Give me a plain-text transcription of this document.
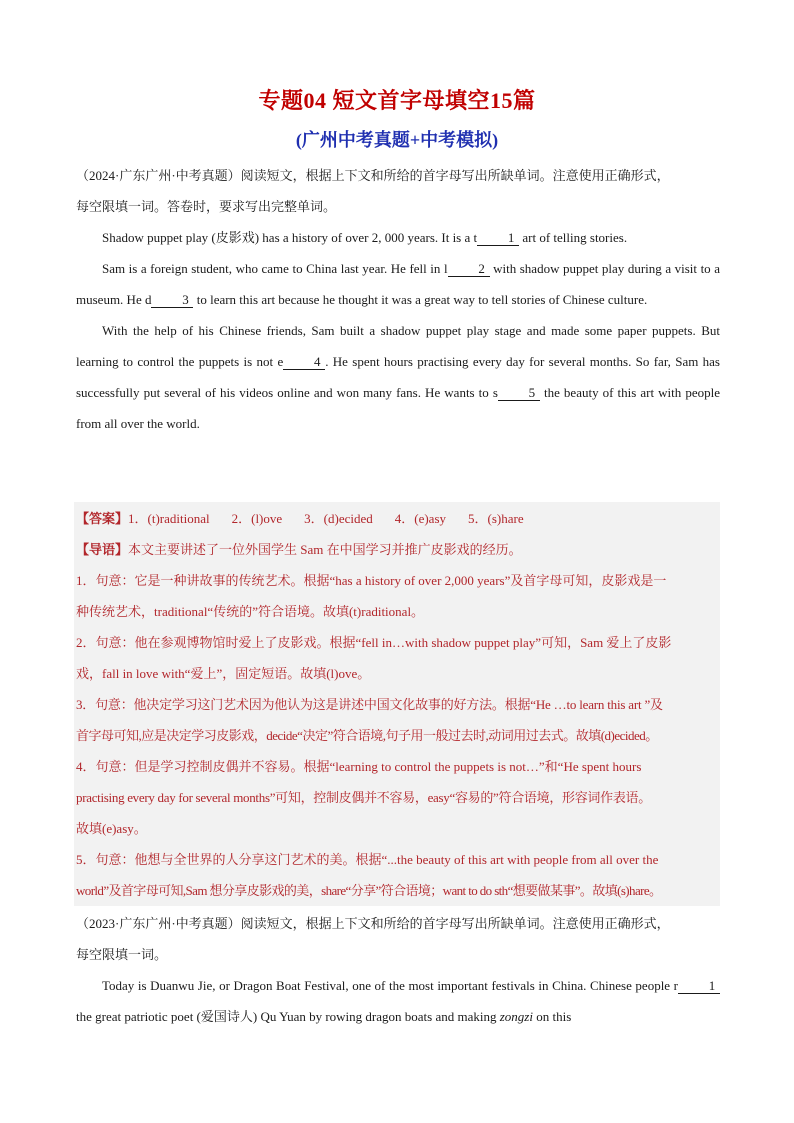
专题04 短文首字母填空15篇
(广州中考真题+中考模拟)
（2024·广东广州·中考真题）阅读短文，根据上下文和所给的首字母写出所缺单词。注意使用正确形式，
每空限填一词。答卷时，要求写出完整单词。

Shadow puppet play (皮影戏) has a history of over 2, 000 years. It is a t 1 art of telling stories.

Sam is a foreign student, who came to China last year. He fell in l 2 with shadow puppet play during a visit to a museum. He d 3 to learn this art because he thought it was a great way to tell stories of Chinese culture.

With the help of his Chinese friends, Sam built a shadow puppet play stage and made some paper puppets. But learning to control the puppets is not e 4 . He spent hours practising every day for several months. So far, Sam has successfully put several of his videos online and won many fans. He wants to s 5 the beauty of this art with people from all over the world.

【答案】1．(t)raditional 2．(l)ove 3．(d)ecided 4．(e)asy 5．(s)hare
【导语】本文主要讲述了一位外国学生 Sam 在中国学习并推广皮影戏的经历。
1．句意：它是一种讲故事的传统艺术。根据“has a history of over 2,000 years”及首字母可知，皮影戏是一
种传统艺术，traditional“传统的”符合语境。故填(t)raditional。
2．句意：他在参观博物馆时爱上了皮影戏。根据“fell in…with shadow puppet play”可知，Sam 爱上了皮影
戏，fall in love with“爱上”，固定短语。故填(l)ove。
3．句意：他决定学习这门艺术因为他认为这是讲述中国文化故事的好方法。根据“He …to learn this art ”及
首字母可知,应是决定学习皮影戏，decide“决定”符合语境,句子用一般过去时,动词用过去式。故填(d)ecided。
4．句意：但是学习控制皮偶并不容易。根据“learning to control the puppets is not…”和“He spent hours
practising every day for several months”可知，控制皮偶并不容易，easy“容易的”符合语境，形容词作表语。
故填(e)asy。
5．句意：他想与全世界的人分享这门艺术的美。根据“...the beauty of this art with people from all over the
world”及首字母可知,Sam 想分享皮影戏的美，share“分享”符合语境；want to do sth“想要做某事”。故填(s)hare。
（2023·广东广州·中考真题）阅读短文，根据上下文和所给的首字母写出所缺单词。注意使用正确形式，
每空限填一词。

Today is Duanwu Jie, or Dragon Boat Festival, one of the most important festivals in China. Chinese people r 1 the great patriotic poet (爱国诗人) Qu Yuan by rowing dragon boats and making zongzi on this
